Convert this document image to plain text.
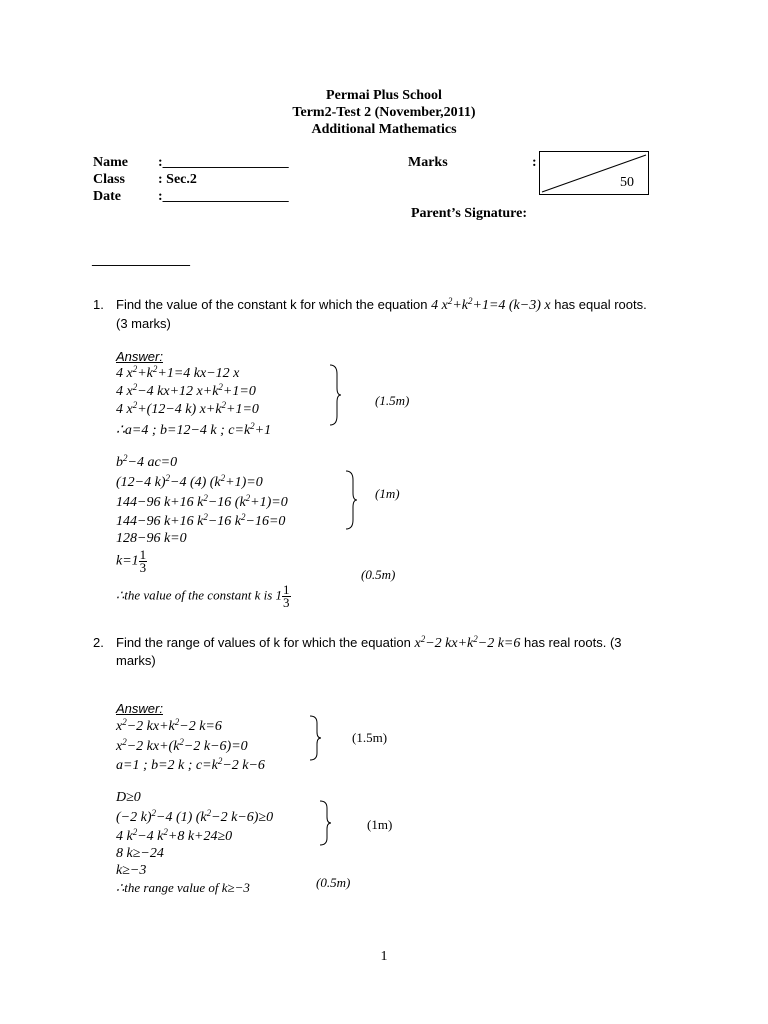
Permai Plus School
Term2-Test 2 (November,2011)
Additional Mathematics
Name :__________________
Class : Sec.2
Date	:__________________
Marks	:
50
Parent’s Signature:
______________
1. Find the value of the constant k for which the equation 4 $x^2+k^2+1=4$ (k−3) x has equal roots.
(3 marks)
Answer:
4 $x^2+k^2+1=4$ kx−12 x
4 $x^2-4$ kx+12 $x+k^2+1=0$
4 $x^2+(12-4$ k) $x+k^2+1=0$
∴a=4 ; b=12−4 k ; $c=k^2+1$
(1.5m)
$b^2-4$ ac=0
(12−4 k)$^2$−4 (4) $(k^2+1)=0$
144−96 k+16 $k^2-16$ $(k^2+1)=0$
144−96 k+16 $k^2-16$ $k^2-16=0$
128−96 k=0
(1m)
$k=1 \frac{1}{3}$
(0.5m)
∴the value of the constant k is $1 \frac{1}{3}$
2. Find the range of values of k for which the equation $x^2-2$ $kx+k^2-2$ k=6 has real roots. (3
marks)
Answer:
$x^2-2$ $kx+k^2-2$ k=6
$x^2-2$ $kx+(k^2-2$ k−6)=0
a=1 ; b=2 k ; $c=k^2-2$ k−6
(1.5m)
D≥0
(−2 k)$^2$−4 (1) ($k^2-2$ k−6)≥0
4 $k^2-4$ $k^2+8$ k+24≥0
8 k≥−24
k≥−3
(1m)
∴the range value of k≥−3	(0.5m)
1
